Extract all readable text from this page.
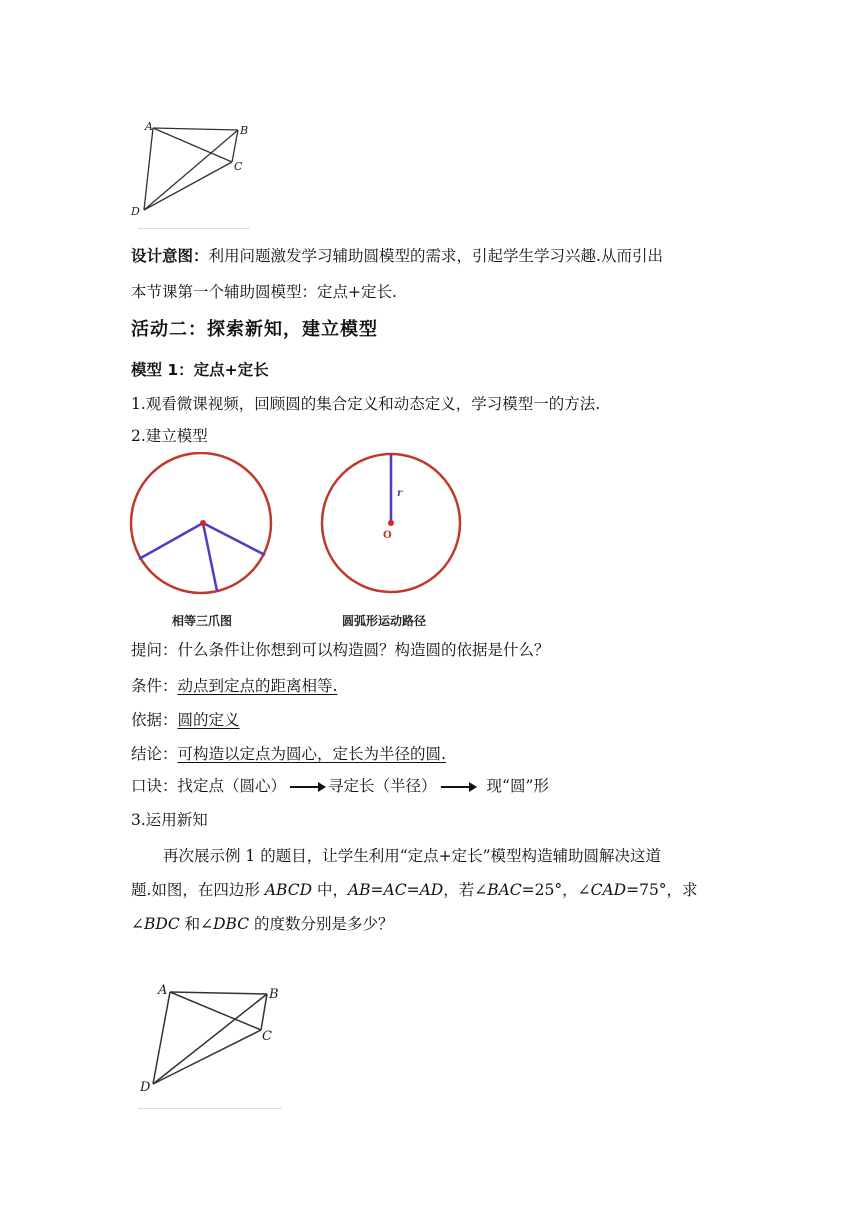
A	B
C
D
设计意图：利用问题激发学习辅助圆模型的需求，引起学生学习兴趣.从而引出
本节课第一个辅助圆模型：定点+定长.
活动二：探索新知，建立模型
模型 1：定点+定长
1.观看微课视频，回顾圆的集合定义和动态定义，学习模型一的方法.
2.建立模型
r
O
相等三爪图	圆弧形运动路径
提问：什么条件让你想到可以构造圆？构造圆的依据是什么？
条件：动点到定点的距离相等.
依据：圆的定义
结论：可构造以定点为圆心，定长为半径的圆.
口诀：找定点（圆心）	寻定长（半径）	现“圆”形
3.运用新知
再次展示例 1 的题目，让学生利用“定点+定长”模型构造辅助圆解决这道
题.如图，在四边形 ABCD 中，AB=AC=AD，若∠BAC=25°，∠CAD=75°，求
∠BDC 和∠DBC 的度数分别是多少？
A	B
C
D
